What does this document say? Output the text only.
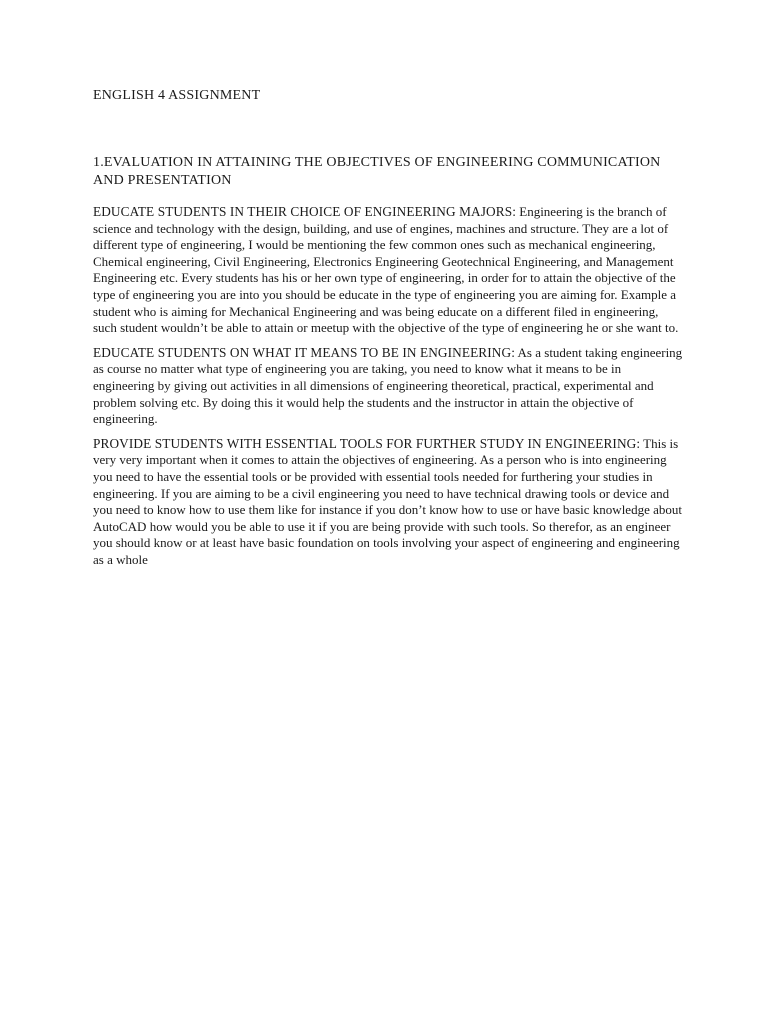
ENGLISH 4 ASSIGNMENT
1.EVALUATION IN ATTAINING THE OBJECTIVES OF ENGINEERING COMMUNICATION AND PRESENTATION

EDUCATE STUDENTS IN THEIR CHOICE OF ENGINEERING MAJORS: Engineering is the branch of science and technology with the design, building, and use of engines, machines and structure. They are a lot of different type of engineering, I would be mentioning the few common ones such as mechanical engineering, Chemical engineering, Civil Engineering, Electronics Engineering Geotechnical Engineering, and Management Engineering etc. Every students has his or her own type of engineering, in order for to attain the objective of the type of engineering you are into you should be educate in the type of engineering you are aiming for. Example a student who is aiming for Mechanical Engineering and was being educate on a different filed in engineering, such student wouldn’t be able to attain or meetup with the objective of the type of engineering he or she want to.

EDUCATE STUDENTS ON WHAT IT MEANS TO BE IN ENGINEERING: As a student taking engineering as course no matter what type of engineering you are taking, you need to know what it means to be in engineering by giving out activities in all dimensions of engineering theoretical, practical, experimental and problem solving etc. By doing this it would help the students and the instructor in attain the objective of engineering.

PROVIDE STUDENTS WITH ESSENTIAL TOOLS FOR FURTHER STUDY IN ENGINEERING: This is very very important when it comes to attain the objectives of engineering. As a person who is into engineering you need to have the essential tools or be provided with essential tools needed for furthering your studies in engineering. If you are aiming to be a civil engineering you need to have technical drawing tools or device and you need to know how to use them like for instance if you don’t know how to use or have basic knowledge about AutoCAD how would you be able to use it if you are being provide with such tools. So therefor, as an engineer you should know or at least have basic foundation on tools involving your aspect of engineering and engineering as a whole
